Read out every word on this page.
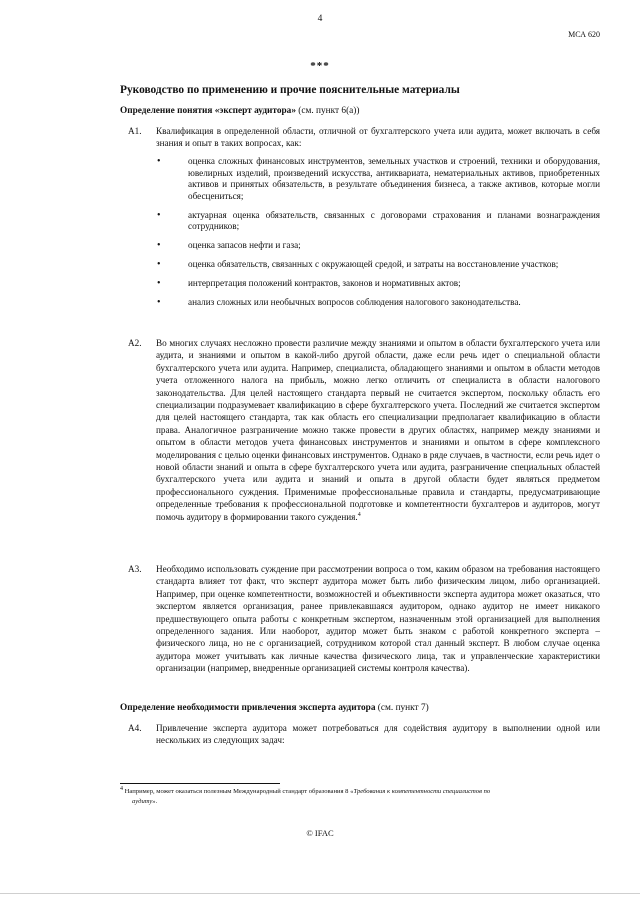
4
МСА 620
***
Руководство по применению и прочие пояснительные материалы
Определение понятия «эксперт аудитора» (см. пункт 6(а))
A1. Квалификация в определенной области, отличной от бухгалтерского учета или аудита, может включать в себя знания и опыт в таких вопросах, как:
•	оценка сложных финансовых инструментов, земельных участков и строений, техники и оборудования, ювелирных изделий, произведений искусства, антиквариата, нематериальных активов, приобретенных активов и принятых обязательств, в результате объединения бизнеса, а также активов, которые могли обесцениться;
•	актуарная оценка обязательств, связанных с договорами страхования и планами вознаграждения сотрудников;
•	оценка запасов нефти и газа;
•	оценка обязательств, связанных с окружающей средой, и затраты на восстановление участков;
•	интерпретация положений контрактов, законов и нормативных актов;
•	анализ сложных или необычных вопросов соблюдения налогового законодательства.
A2. Во многих случаях несложно провести различие между знаниями и опытом в области бухгалтерского учета или аудита, и знаниями и опытом в какой-либо другой области, даже если речь идет о специальной области бухгалтерского учета или аудита. Например, специалиста, обладающего знаниями и опытом в области методов учета отложенного налога на прибыль, можно легко отличить от специалиста в области налогового законодательства. Для целей настоящего стандарта первый не считается экспертом, поскольку область его специализации подразумевает квалификацию в сфере бухгалтерского учета. Последний же считается экспертом для целей настоящего стандарта, так как область его специализации предполагает квалификацию в области права. Аналогичное разграничение можно также провести в других областях, например между знаниями и опытом в области методов учета финансовых инструментов и знаниями и опытом в сфере комплексного моделирования с целью оценки финансовых инструментов. Однако в ряде случаев, в частности, если речь идет о новой области знаний и опыта в сфере бухгалтерского учета или аудита, разграничение специальных областей бухгалтерского учета или аудита и знаний и опыта в другой области будет являться предметом профессионального суждения. Применимые профессиональные правила и стандарты, предусматривающие определенные требования к профессиональной подготовке и компетентности бухгалтеров и аудиторов, могут помочь аудитору в формировании такого суждения.$^4$
A3. Необходимо использовать суждение при рассмотрении вопроса о том, каким образом на требования настоящего стандарта влияет тот факт, что эксперт аудитора может быть либо физическим лицом, либо организацией. Например, при оценке компетентности, возможностей и объективности эксперта аудитора может оказаться, что экспертом является организация, ранее привлекавшаяся аудитором, однако аудитор не имеет никакого предшествующего опыта работы с конкретным экспертом, назначенным этой организацией для выполнения определенного задания. Или наоборот, аудитор может быть знаком с работой конкретного эксперта – физического лица, но не с организацией, сотрудником которой стал данный эксперт. В любом случае оценка аудитора может учитывать как личные качества физического лица, так и управленческие характеристики организации (например, внедренные организацией системы контроля качества).
Определение необходимости привлечения эксперта аудитора (см. пункт 7)
A4. Привлечение эксперта аудитора может потребоваться для содействия аудитору в выполнении одной или нескольких из следующих задач:
$^4$ Например, может оказаться полезным Международный стандарт образования 8 «Требования к компетентности специалистов по
аудиту».
© IFAC
